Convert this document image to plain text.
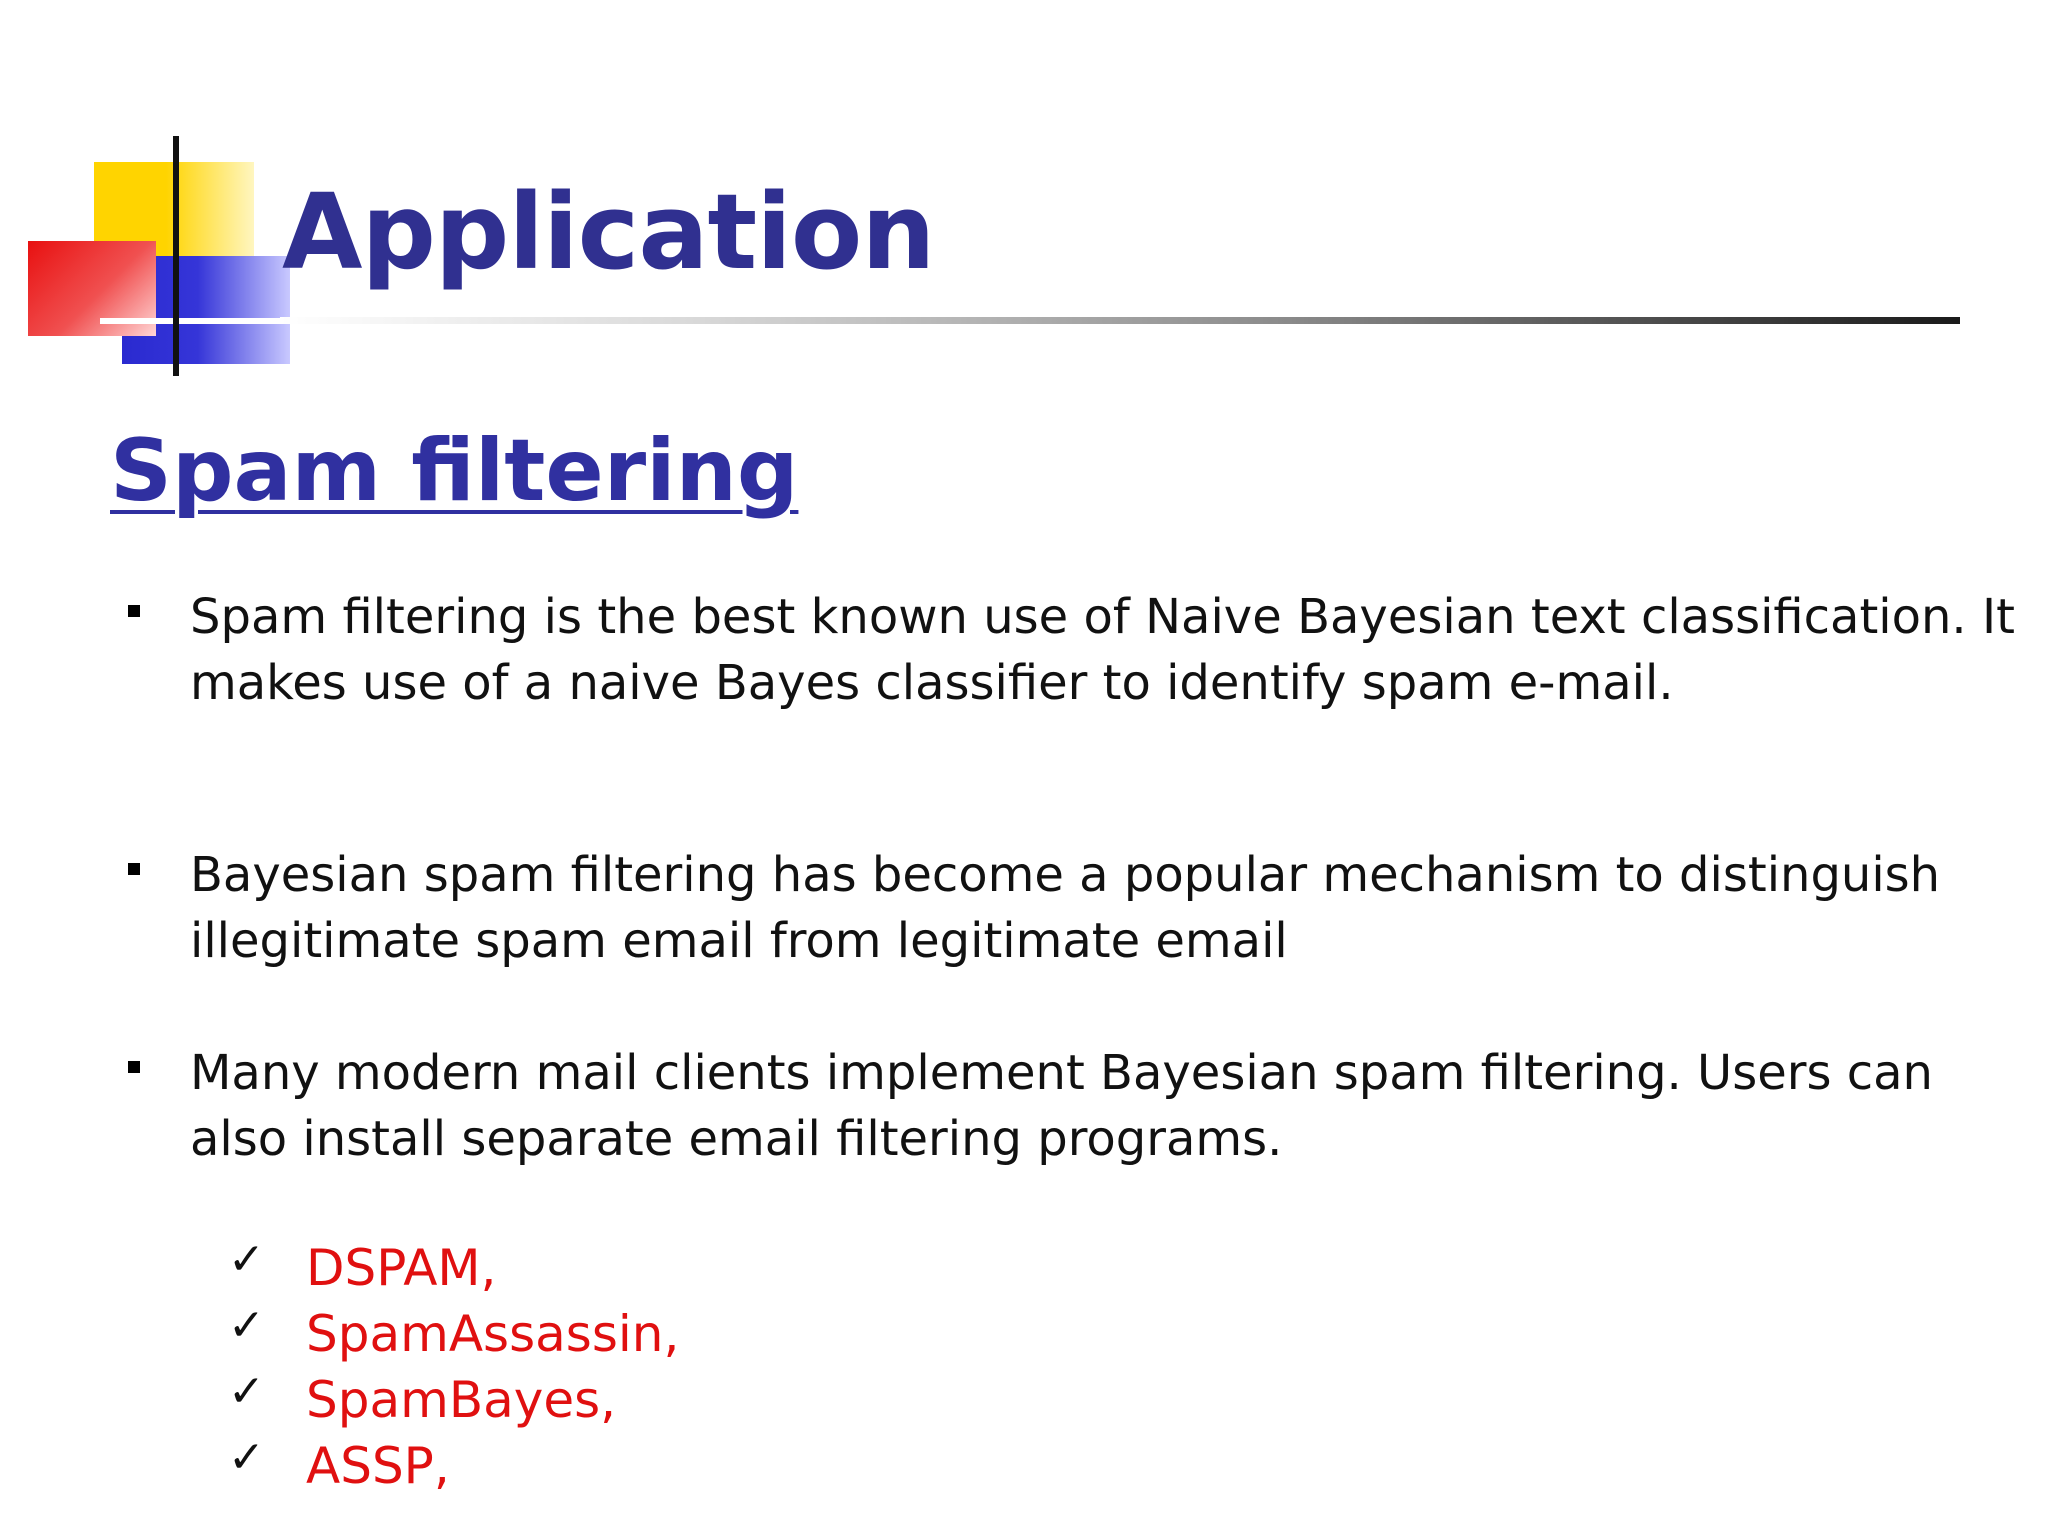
Application
Spam filtering

Spam filtering is the best known use of Naive Bayesian text classification. It makes use of a naive Bayes classifier to identify spam e-mail.

Bayesian spam filtering has become a popular mechanism to distinguish illegitimate spam email from legitimate email

Many modern mail clients implement Bayesian spam filtering. Users can also install separate email filtering programs.

✓ DSPAM,

✓ SpamAssassin,

✓ SpamBayes,

✓ ASSP,
